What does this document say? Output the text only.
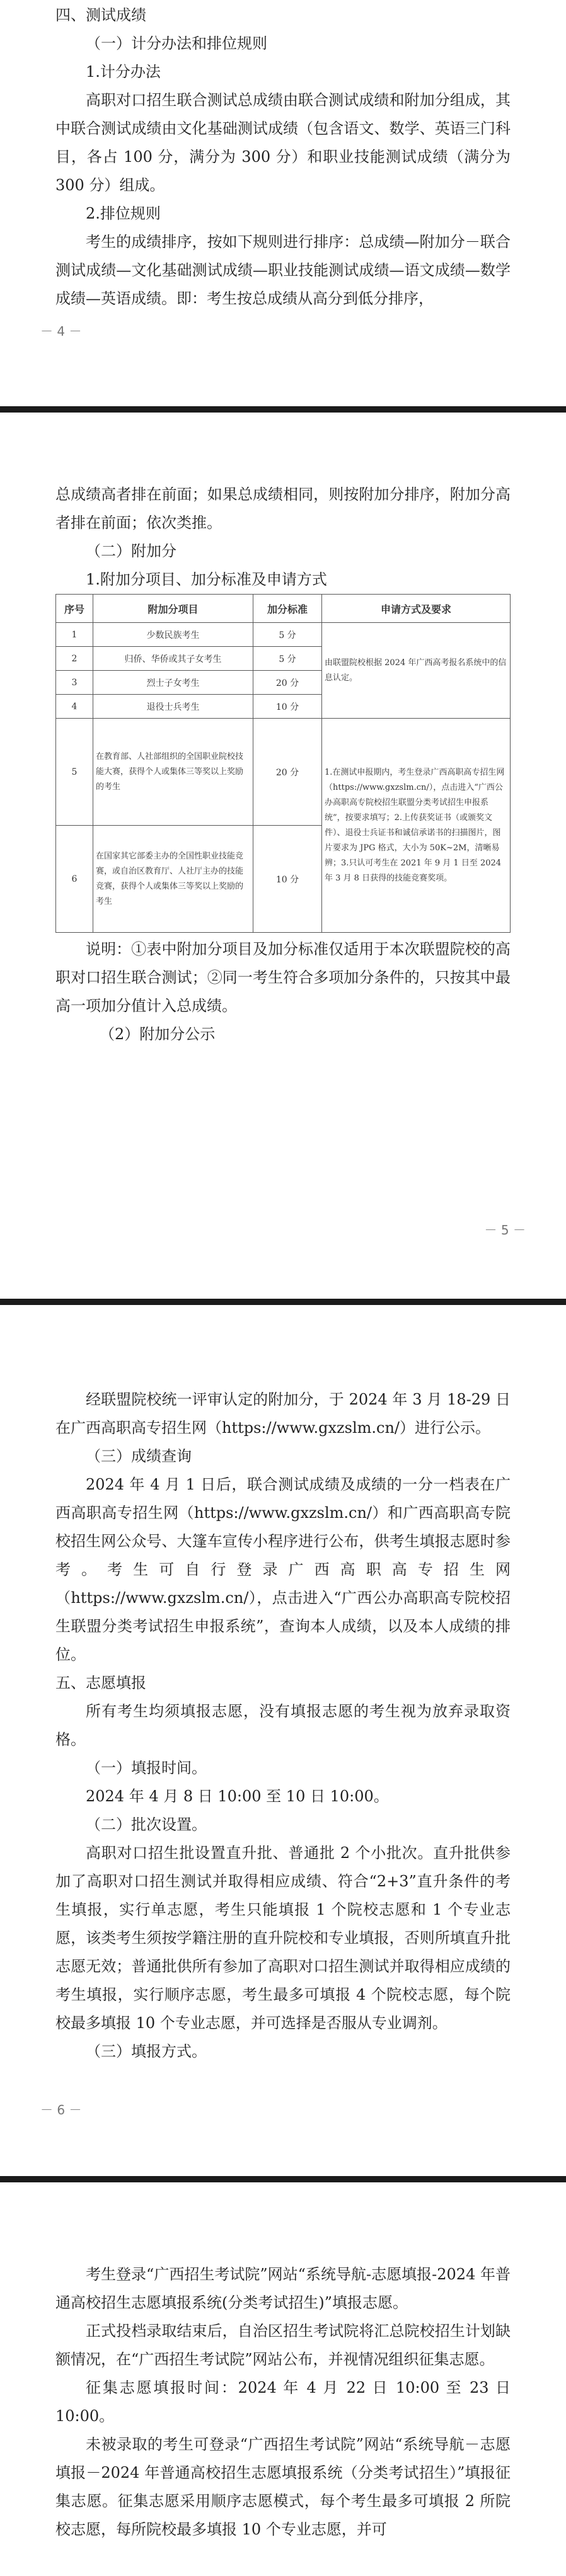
四、测试成绩

（一）计分办法和排位规则

1.计分办法

高职对口招生联合测试总成绩由联合测试成绩和附加分组成，其中联合测试成绩由文化基础测试成绩（包含语文、数学、英语三门科目，各占 100 分，满分为 300 分）和职业技能测试成绩（满分为 300 分）组成。

2.排位规则

考生的成绩排序，按如下规则进行排序：总成绩—附加分－联合测试成绩—文化基础测试成绩—职业技能测试成绩—语文成绩—数学成绩—英语成绩。即：考生按总成绩从高分到低分排序，

－ 4 －

总成绩高者排在前面；如果总成绩相同，则按附加分排序，附加分高者排在前面；依次类推。

（二）附加分

1.附加分项目、加分标准及申请方式

序号	附加分项目	加分标准	申请方式及要求
1	少数民族考生	5 分	由联盟院校根据 2024 年广西高考报名系统中的信息认定。
2	归侨、华侨或其子女考生	5 分	
3	烈士子女考生	20 分	
4	退役士兵考生	10 分	
5	在教育部、人社部组织的全国职业院校技能大赛，获得个人或集体三等奖以上奖励的考生	20 分	1.在测试申报期内，考生登录广西高职高专招生网（https://www.gxzslm.cn/），点击进入“广西公办高职高专院校招生联盟分类考试招生申报系统”，按要求填写；2.上传获奖证书（或颁奖文件）、退役士兵证书和诚信承诺书的扫描图片，图片要求为 JPG 格式，大小为 50K~2M，清晰易辨；3.只认可考生在 2021 年 9 月 1 日至 2024 年 3 月 8 日获得的技能竞赛奖项。
6	在国家其它部委主办的全国性职业技能竞赛，或自治区教育厅、人社厅主办的技能竞赛，获得个人或集体三等奖以上奖励的考生	10 分	

说明：①表中附加分项目及加分标准仅适用于本次联盟院校的高职对口招生联合测试；②同一考生符合多项加分条件的，只按其中最高一项加分值计入总成绩。

（2）附加分公示

－ 5 －

经联盟院校统一评审认定的附加分，于 2024 年 3 月 18-29 日在广西高职高专招生网（https://www.gxzslm.cn/）进行公示。

（三）成绩查询

2024 年 4 月 1 日后，联合测试成绩及成绩的一分一档表在广西高职高专招生网（https://www.gxzslm.cn/）和广西高职高专院校招生网公众号、大篷车宣传小程序进行公布，供考生填报志愿时参考。考生可自行登录广西高职高专招生网（https://www.gxzslm.cn/），点击进入“广西公办高职高专院校招生联盟分类考试招生申报系统”，查询本人成绩，以及本人成绩的排位。

五、志愿填报

所有考生均须填报志愿，没有填报志愿的考生视为放弃录取资格。

（一）填报时间。

2024 年 4 月 8 日 10:00 至 10 日 10:00。

（二）批次设置。

高职对口招生批设置直升批、普通批 2 个小批次。直升批供参加了高职对口招生测试并取得相应成绩、符合“2+3”直升条件的考生填报，实行单志愿，考生只能填报 1 个院校志愿和 1 个专业志愿，该类考生须按学籍注册的直升院校和专业填报，否则所填直升批志愿无效；普通批供所有参加了高职对口招生测试并取得相应成绩的考生填报，实行顺序志愿，考生最多可填报 4 个院校志愿，每个院校最多填报 10 个专业志愿，并可选择是否服从专业调剂。

（三）填报方式。

－ 6 －

考生登录“广西招生考试院”网站“系统导航-志愿填报-2024 年普通高校招生志愿填报系统(分类考试招生)”填报志愿。

正式投档录取结束后，自治区招生考试院将汇总院校招生计划缺额情况，在“广西招生考试院”网站公布，并视情况组织征集志愿。

征集志愿填报时间：2024 年 4 月 22 日 10:00 至 23 日 10:00。

未被录取的考生可登录“广西招生考试院”网站“系统导航－志愿填报－2024 年普通高校招生志愿填报系统（分类考试招生）”填报征集志愿。征集志愿采用顺序志愿模式，每个考生最多可填报 2 所院校志愿，每所院校最多填报 10 个专业志愿，并可
